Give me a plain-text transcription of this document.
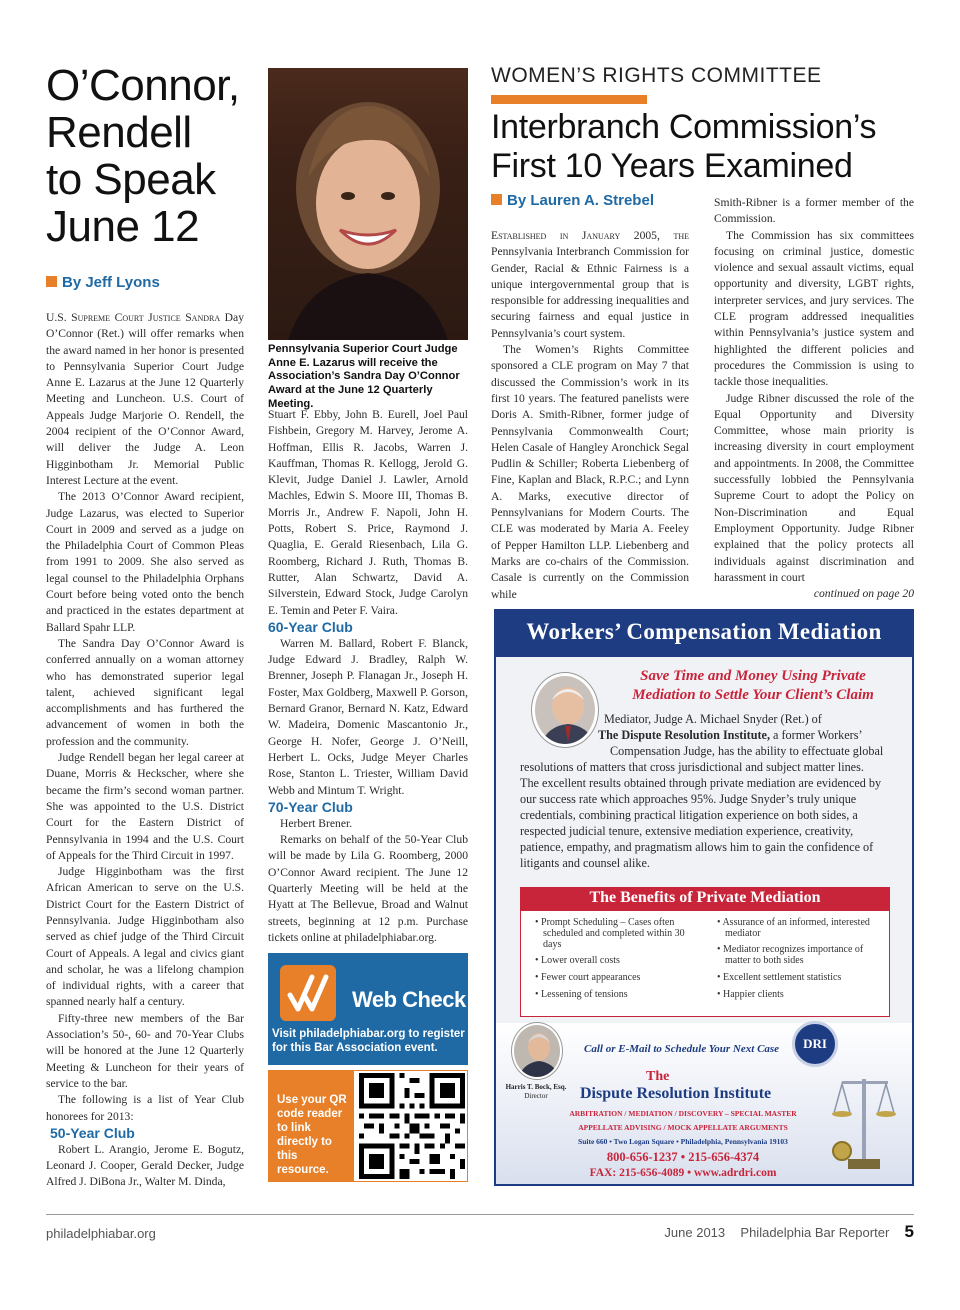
O’Connor,
Rendell
to Speak
June 12
By Jeff Lyons

U.S. Supreme Court Justice Sandra Day O’Connor (Ret.) will offer remarks when the award named in her honor is presented to Pennsylvania Superior Court Judge Anne E. Lazarus at the June 12 Quarterly Meeting and Luncheon. U.S. Court of Appeals Judge Marjorie O. Rendell, the 2004 recipient of the O’Connor Award, will deliver the Judge A. Leon Higginbotham Jr. Memorial Public Interest Lecture at the event.

The 2013 O’Connor Award recipient, Judge Lazarus, was elected to Superior Court in 2009 and served as a judge on the Philadelphia Court of Common Pleas from 1991 to 2009. She also served as legal counsel to the Philadelphia Orphans Court before being voted onto the bench and practiced in the estates department at Ballard Spahr LLP.

The Sandra Day O’Connor Award is conferred annually on a woman attorney who has demonstrated superior legal talent, achieved significant legal accomplishments and has furthered the advancement of women in both the profession and the community.

Judge Rendell began her legal career at Duane, Morris & Heckscher, where she became the firm’s second woman partner. She was appointed to the U.S. District Court for the Eastern District of Pennsylvania in 1994 and the U.S. Court of Appeals for the Third Circuit in 1997.

Judge Higginbotham was the first African American to serve on the U.S. District Court for the Eastern District of Pennsylvania. Judge Higginbotham also served as chief judge of the Third Circuit Court of Appeals. A legal and civics giant and scholar, he was a lifelong champion of individual rights, with a career that spanned nearly half a century.

Fifty-three new members of the Bar Association’s 50-, 60- and 70-Year Clubs will be honored at the June 12 Quarterly Meeting & Luncheon for their years of service to the bar.

The following is a list of Year Club honorees for 2013:

50-Year Club

Robert L. Arangio, Jerome E. Bogutz, Leonard J. Cooper, Gerald Decker, Judge Alfred J. DiBona Jr., Walter M. Dinda,

Pennsylvania Superior Court Judge Anne E. Lazarus will receive the Association’s Sandra Day O’Connor Award at the June 12 Quarterly Meeting.

Stuart F. Ebby, John B. Eurell, Joel Paul Fishbein, Gregory M. Harvey, Jerome A. Hoffman, Ellis R. Jacobs, Warren J. Kauffman, Thomas R. Kellogg, Jerold G. Klevit, Judge Daniel J. Lawler, Arnold Machles, Edwin S. Moore III, Thomas B. Morris Jr., Andrew F. Napoli, John H. Potts, Robert S. Price, Raymond J. Quaglia, E. Gerald Riesenbach, Lila G. Roomberg, Richard J. Ruth, Thomas B. Rutter, Alan Schwartz, David A. Silverstein, Edward Stock, Judge Carolyn E. Temin and Peter F. Vaira.

60-Year Club

Warren M. Ballard, Robert F. Blanck, Judge Edward J. Bradley, Ralph W. Brenner, Joseph P. Flanagan Jr., Joseph H. Foster, Max Goldberg, Maxwell P. Gorson, Bernard Granor, Bernard N. Katz, Edward W. Madeira, Domenic Mascantonio Jr., George H. Nofer, George J. O’Neill, Herbert L. Ocks, Judge Meyer Charles Rose, Stanton L. Triester, William David Webb and Mintum T. Wright.

70-Year Club

Herbert Brener.

Remarks on behalf of the 50-Year Club will be made by Lila G. Roomberg, 2000 O’Connor Award recipient. The June 12 Quarterly Meeting will be held at the Hyatt at The Bellevue, Broad and Walnut streets, beginning at 12 p.m. Purchase tickets online at philadelphiabar.org.

Web Check
Visit philadelphiabar.org to register for this Bar Association event.
Use your QR code reader to link directly to this resource.
WOMEN’S RIGHTS COMMITTEE
Interbranch Commission’s
First 10 Years Examined
By Lauren A. Strebel

Established in January 2005, the Pennsylvania Interbranch Commission for Gender, Racial & Ethnic Fairness is a unique intergovernmental group that is responsible for addressing inequalities and securing fairness and equal justice in Pennsylvania’s court system.

The Women’s Rights Committee sponsored a CLE program on May 7 that discussed the Commission’s work in its first 10 years. The featured panelists were Doris A. Smith-Ribner, former judge of Pennsylvania Commonwealth Court; Helen Casale of Hangley Aronchick Segal Pudlin & Schiller; Roberta Liebenberg of Fine, Kaplan and Black, R.P.C.; and Lynn A. Marks, executive director of Pennsylvanians for Modern Courts. The CLE was moderated by Maria A. Feeley of Pepper Hamilton LLP. Liebenberg and Marks are co-chairs of the Commission. Casale is currently on the Commission while

Smith-Ribner is a former member of the Commission.

The Commission has six committees focusing on criminal justice, domestic violence and sexual assault victims, equal opportunity and diversity, LGBT rights, interpreter services, and jury services. The CLE program addressed inequalities within Pennsylvania’s justice system and highlighted the different policies and procedures the Commission is using to tackle those inequalities.

Judge Ribner discussed the role of the Equal Opportunity and Diversity Committee, whose main priority is increasing diversity in court employment and appointments. In 2008, the Committee successfully lobbied the Pennsylvania Supreme Court to adopt the Policy on Non-Discrimination and Equal Employment Opportunity. Judge Ribner explained that the policy protects all individuals against discrimination and harassment in court

continued on page 20

Workers’ Compensation Mediation
Save Time and Money Using Private
Mediation to Settle Your Client’s Claim
Mediator, Judge A. Michael Snyder (Ret.) of
The Dispute Resolution Institute, a former Workers’
Compensation Judge, has the ability to effectuate global
resolutions of matters that cross jurisdictional and subject matter lines.
The excellent results obtained through private mediation are evidenced by our success rate which approaches 95%. Judge Snyder’s truly unique credentials, combining practical litigation experience on both sides, a respected judicial tenure, extensive mediation experience, creativity, patience, empathy, and pragmatism allows him to gain the confidence of litigants and counsel alike.
The Benefits of Private Mediation
• Prompt Scheduling – Cases often scheduled and completed within 30 days
• Lower overall costs
• Fewer court appearances
• Lessening of tensions
• Assurance of an informed, interested mediator
• Mediator recognizes importance of matter to both sides
• Excellent settlement statistics
• Happier clients
Call or E-Mail to Schedule Your Next Case
Harris T. Bock, Esq.
Director
DRI
The
Dispute Resolution Institute
ARBITRATION / MEDIATION / DISCOVERY – SPECIAL MASTER
APPELLATE ADVISING / MOCK APPELLATE ARGUMENTS
Suite 660 • Two Logan Square • Philadelphia, Pennsylvania 19103
800-656-1237 • 215-656-4374
FAX: 215-656-4089 • www.adrdri.com
philadelphiabar.org	June 2013 Philadelphia Bar Reporter 5
